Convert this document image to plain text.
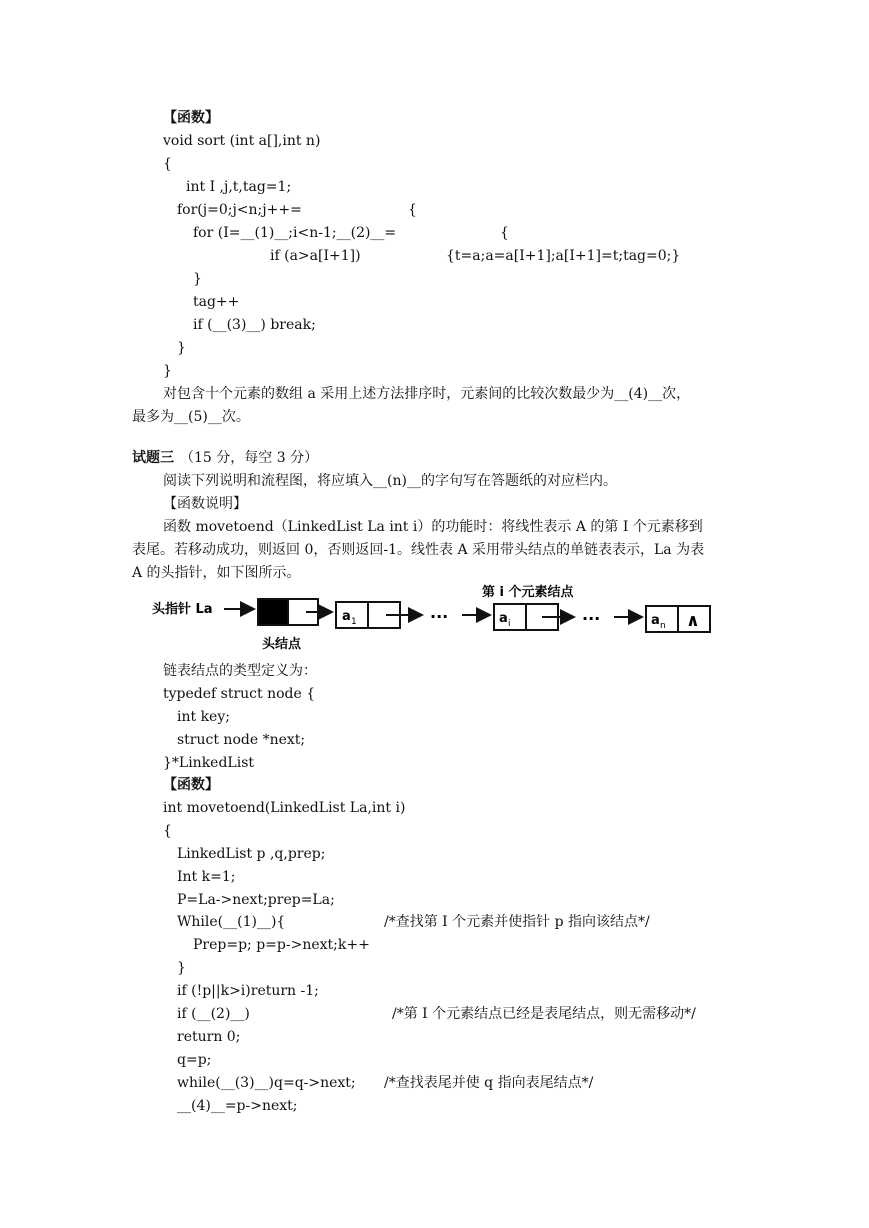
【函数】
void sort (int a[],int n)
{
int I ,j,t,tag=1;
for(j=0;j<n;j++=	{
for (I=__(1)__;i<n-1;__(2)__=	{
if (a>a[I+1])	{t=a;a=a[I+1];a[I+1]=t;tag=0;}
}
tag++
if (__(3)__) break;
}
}
对包含十个元素的数组 a 采用上述方法排序时，元素间的比较次数最少为__(4)__次，
最多为__(5)__次。
试题三 （15 分，每空 3 分）
阅读下列说明和流程图，将应填入__(n)__的字句写在答题纸的对应栏内。
【函数说明】
函数 movetoend（LinkedList La int i）的功能时：将线性表示 A 的第 I 个元素移到
表尾。若移动成功，则返回 0，否则返回-1。线性表 A 采用带头结点的单链表表示，La 为表
A 的头指针，如下图所示。
链表结点的类型定义为：
typedef struct node {
int key;
struct node *next;
}*LinkedList
【函数】
int movetoend(LinkedList La,int i)
{
LinkedList p ,q,prep;
Int k=1;
P=La->next;prep=La;
While(__(1)__){	/*查找第 I 个元素并使指针 p 指向该结点*/
Prep=p; p=p->next;k++
}
if (!p||k>i)return -1;
if (__(2)__)	/*第 I 个元素结点已经是表尾结点，则无需移动*/
return 0;
q=p;
while(__(3)__)q=q->next; /*查找表尾并使 q 指向表尾结点*/
__(4)__=p->next;
头指针 La
头结点
a 1	···
第 i 个元素结点
a i	···	a n ∧
